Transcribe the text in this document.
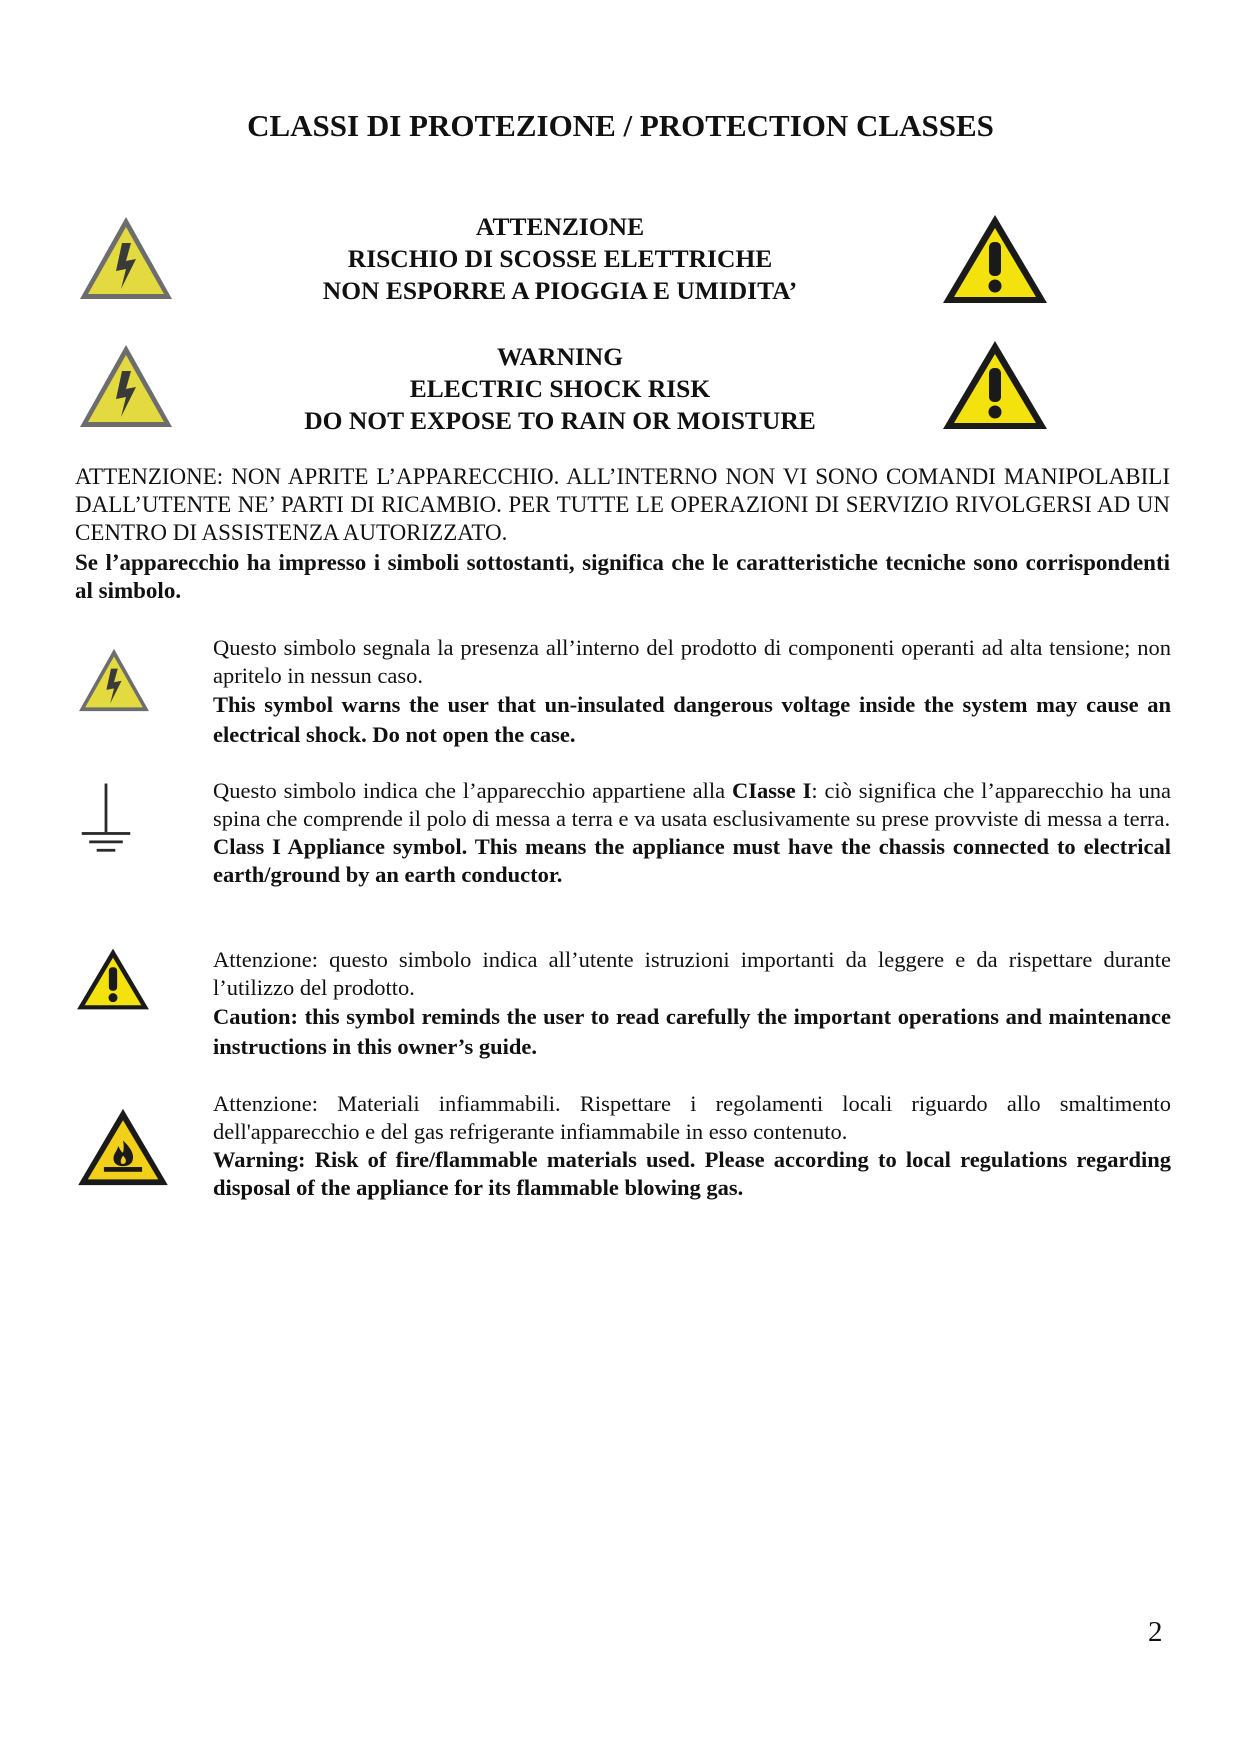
CLASSI DI PROTEZIONE / PROTECTION CLASSES
ATTENZIONE
RISCHIO DI SCOSSE ELETTRICHE
NON ESPORRE A PIOGGIA E UMIDITA’
WARNING
ELECTRIC SHOCK RISK
DO NOT EXPOSE TO RAIN OR MOISTURE
ATTENZIONE: NON APRITE L’APPARECCHIO. ALL’INTERNO NON VI SONO COMANDI MANIPOLABILI DALL’UTENTE NE’ PARTI DI RICAMBIO. PER TUTTE LE OPERAZIONI DI SERVIZIO RIVOLGERSI AD UN CENTRO DI ASSISTENZA AUTORIZZATO.
Se l’apparecchio ha impresso i simboli sottostanti, significa che le caratteristiche tecniche sono corrispondenti al simbolo.

Questo simbolo segnala la presenza all’interno del prodotto di componenti operanti ad alta tensione; non apritelo in nessun caso.

This symbol warns the user that un-insulated dangerous voltage inside the system may cause an electrical shock. Do not open the case.

Questo simbolo indica che l’apparecchio appartiene alla CIasse I: ciò significa che l’apparecchio ha una spina che comprende il polo di messa a terra e va usata esclusivamente su prese provviste di messa a terra.

Class I Appliance symbol. This means the appliance must have the chassis connected to electrical earth/ground by an earth conductor.

Attenzione: questo simbolo indica all’utente istruzioni importanti da leggere e da rispettare durante l’utilizzo del prodotto.

Caution: this symbol reminds the user to read carefully the important operations and maintenance instructions in this owner’s guide.

Attenzione: Materiali infiammabili. Rispettare i regolamenti locali riguardo allo smaltimento dell'apparecchio e del gas refrigerante infiammabile in esso contenuto.

Warning: Risk of fire/flammable materials used. Please according to local regulations regarding disposal of the appliance for its flammable blowing gas.

2
